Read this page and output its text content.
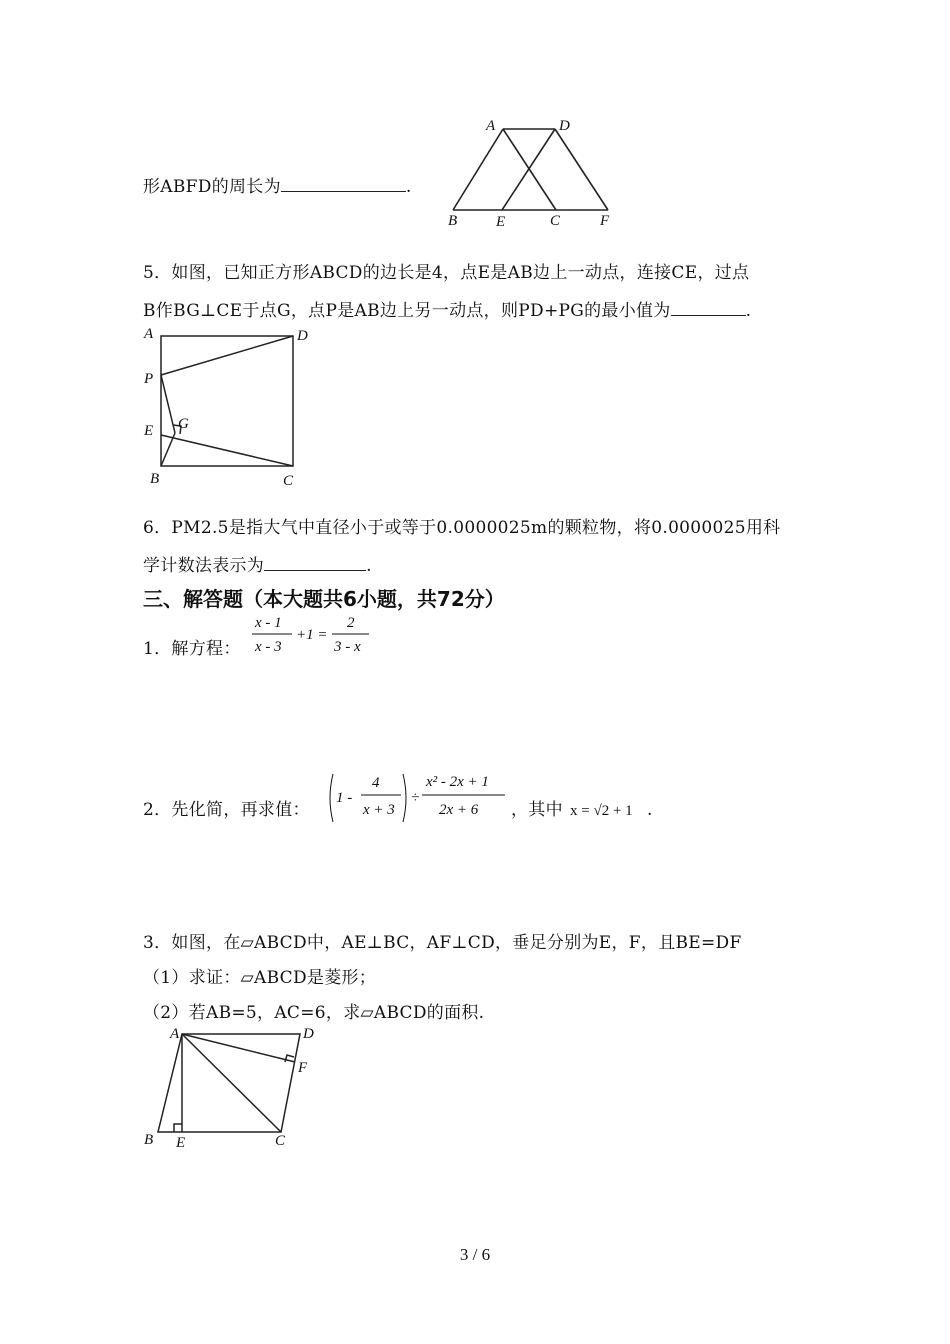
形ABFD的周长为	.
A	D
B	E	C	F
5．如图，已知正方形ABCD的边长是4，点E是AB边上一动点，连接CE，过点
B作BG⊥CE于点G，点P是AB边上另一动点，则PD+PG的最小值为	.
A	D
P
G
E
B	C
6．PM2.5是指大气中直径小于或等于0.0000025m的颗粒物，将0.0000025用科
学计数法表示为	.
三、解答题（本大题共6小题，共72分）
1．解方程：
x - 1
x - 3
+1 =
2
3 - x
2．先化简，再求值：
1 -
4
x + 3
÷
x² - 2x + 1
2x + 6 ，其中 x = √2 + 1 .
3．如图，在▱ABCD中，AE⊥BC，AF⊥CD，垂足分别为E，F，且BE=DF
（1）求证：▱ABCD是菱形；
（2）若AB=5，AC=6，求▱ABCD的面积.
A	D
F
B E	C
3 / 6
